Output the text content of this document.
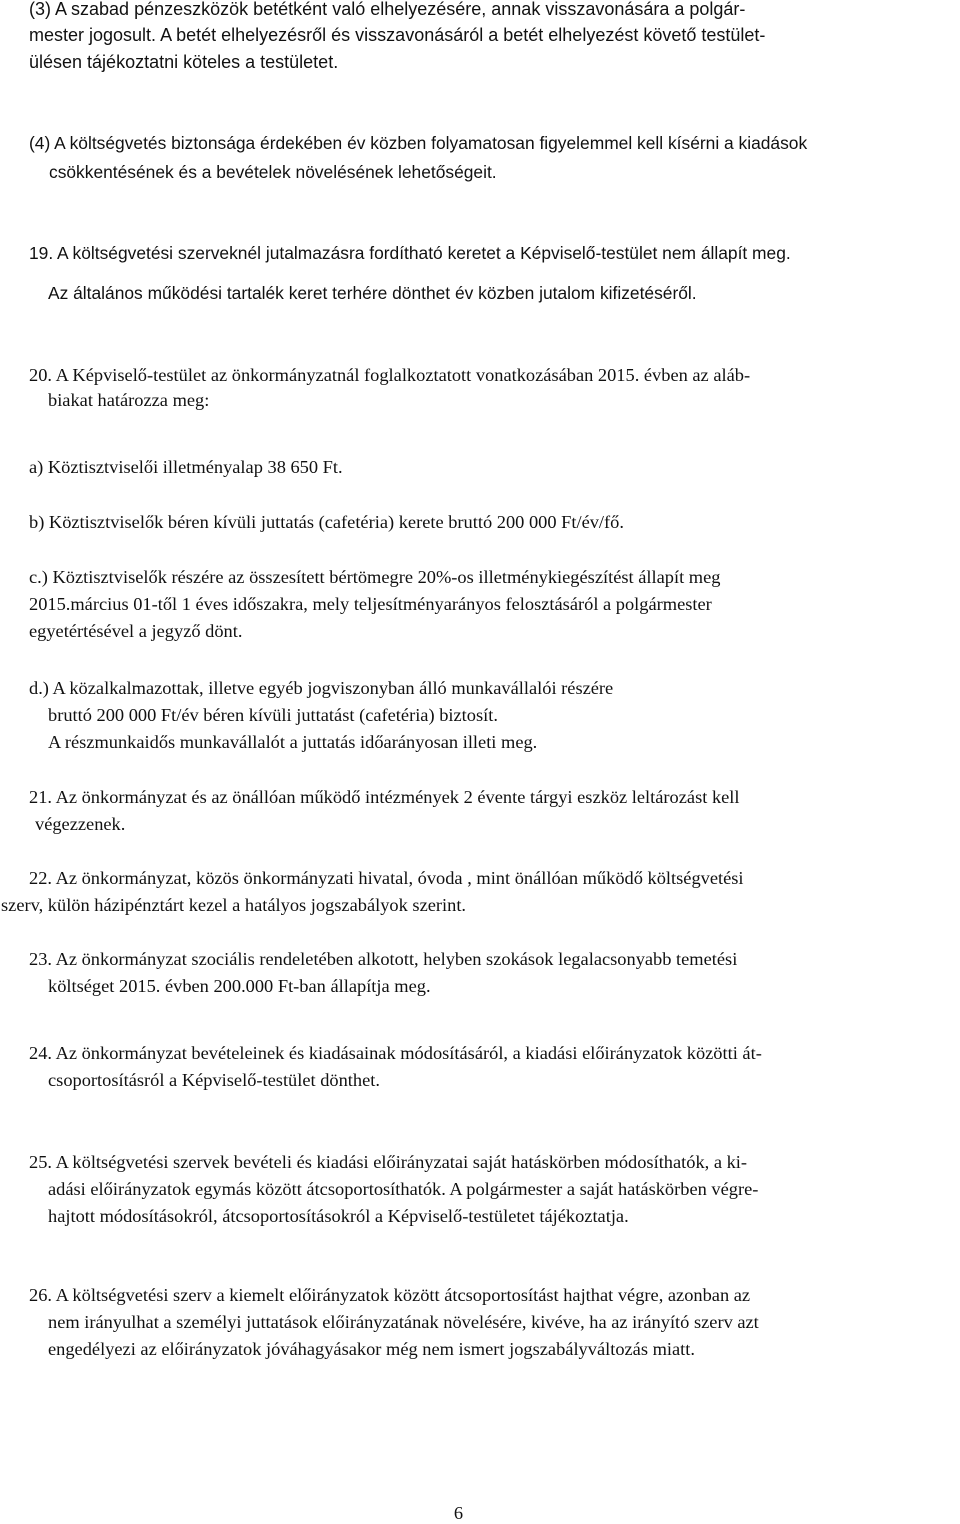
(3) A szabad pénzeszközök betétként való elhelyezésére, annak visszavonására a polgár-
mester jogosult. A betét elhelyezésről és visszavonásáról a betét elhelyezést követő testület-
ülésen tájékoztatni köteles a testületet.
(4) A költségvetés biztonsága érdekében év közben folyamatosan figyelemmel kell kísérni a kiadások
csökkentésének és a bevételek növelésének lehetőségeit.
19. A költségvetési szerveknél jutalmazásra fordítható keretet a Képviselő-testület nem állapít meg.
Az általános működési tartalék keret terhére dönthet év közben jutalom kifizetéséről.
20. A Képviselő-testület az önkormányzatnál foglalkoztatott vonatkozásában 2015. évben az aláb-
biakat határozza meg:
a) Köztisztviselői illetményalap 38 650 Ft.
b) Köztisztviselők béren kívüli juttatás (cafetéria) kerete bruttó 200 000 Ft/év/fő.
c.) Köztisztviselők részére az összesített bértömegre 20%-os illetménykiegészítést állapít meg
2015.március 01-től 1 éves időszakra, mely teljesítményarányos felosztásáról a polgármester
egyetértésével a jegyző dönt.
d.) A közalkalmazottak, illetve egyéb jogviszonyban álló munkavállalói részére
bruttó 200 000 Ft/év béren kívüli juttatást (cafetéria) biztosít.
A részmunkaidős munkavállalót a juttatás időarányosan illeti meg.
21. Az önkormányzat és az önállóan működő intézmények 2 évente tárgyi eszköz leltározást kell
végezzenek.
22. Az önkormányzat, közös önkormányzati hivatal, óvoda , mint önállóan működő költségvetési
szerv, külön házipénztárt kezel a hatályos jogszabályok szerint.
23. Az önkormányzat szociális rendeletében alkotott, helyben szokások legalacsonyabb temetési
költséget 2015. évben 200.000 Ft-ban állapítja meg.
24. Az önkormányzat bevételeinek és kiadásainak módosításáról, a kiadási előirányzatok közötti át-
csoportosításról a Képviselő-testület dönthet.
25. A költségvetési szervek bevételi és kiadási előirányzatai saját hatáskörben módosíthatók, a ki-
adási előirányzatok egymás között átcsoportosíthatók. A polgármester a saját hatáskörben végre-
hajtott módosításokról, átcsoportosításokról a Képviselő-testületet tájékoztatja.
26. A költségvetési szerv a kiemelt előirányzatok között átcsoportosítást hajthat végre, azonban az
nem irányulhat a személyi juttatások előirányzatának növelésére, kivéve, ha az irányító szerv azt
engedélyezi az előirányzatok jóváhagyásakor még nem ismert jogszabályváltozás miatt.
6
